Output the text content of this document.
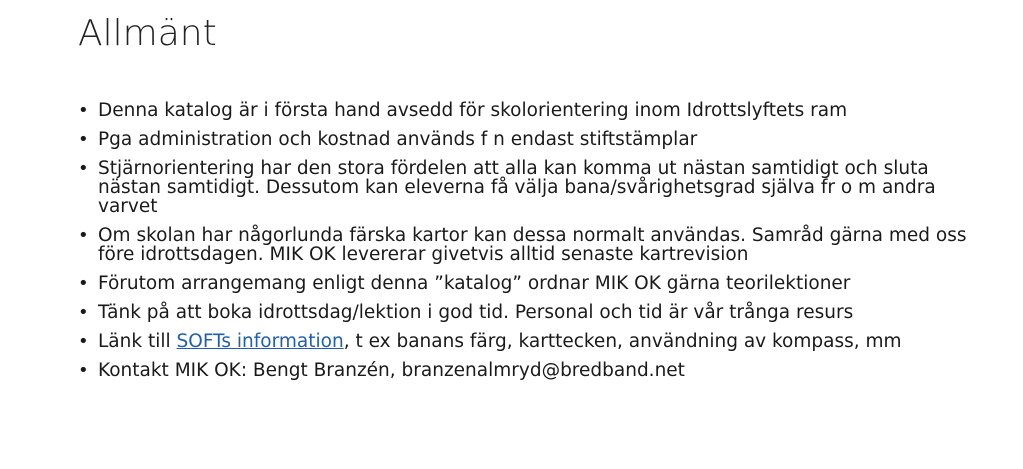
Allmänt
• Denna katalog är i första hand avsedd för skolorientering inom Idrottslyftets ram
• Pga administration och kostnad används f n endast stiftstämplar
• Stjärnorientering har den stora fördelen att alla kan komma ut nästan samtidigt och sluta nästan samtidigt. Dessutom kan eleverna få välja bana/svårighetsgrad själva fr o m andra varvet
• Om skolan har någorlunda färska kartor kan dessa normalt användas. Samråd gärna med oss före idrottsdagen. MIK OK levererar givetvis alltid senaste kartrevision
• Förutom arrangemang enligt denna ”katalog” ordnar MIK OK gärna teorilektioner
• Tänk på att boka idrottsdag/lektion i god tid. Personal och tid är vår trånga resurs
• Länk till SOFTs information, t ex banans färg, karttecken, användning av kompass, mm
• Kontakt MIK OK: Bengt Branzén, branzenalmryd@bredband.net
